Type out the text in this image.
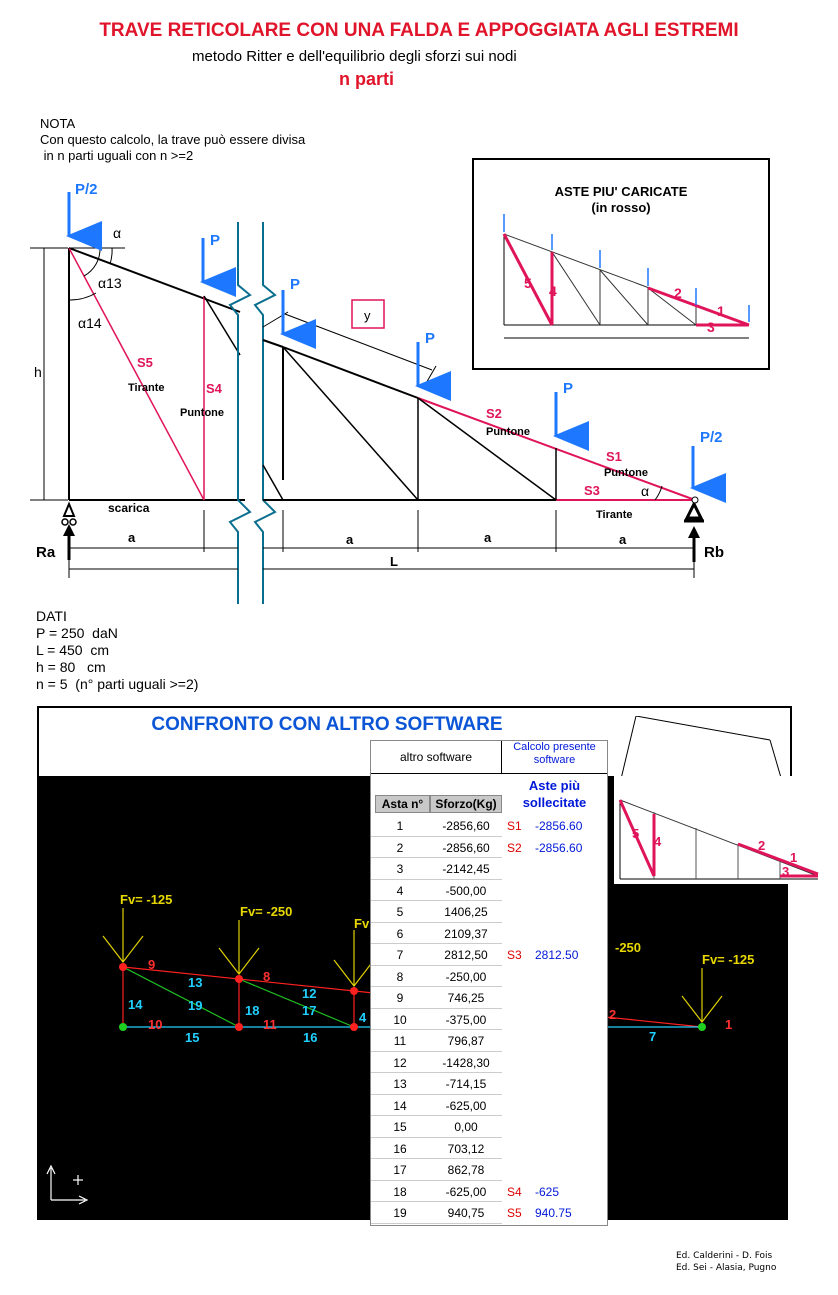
TRAVE RETICOLARE CON UNA FALDA E APPOGGIATA AGLI ESTREMI
metodo Ritter e dell'equilibrio degli sforzi sui nodi
n parti
NOTA
Con questo calcolo, la trave può essere divisa
in n parti uguali con n >=2
h
α
α13
α14
S5
Tirante	S4
Puntone
scarica
y
S2
Puntone
S1
Puntone
S3
Tirante
α
P/2
P
P
P
P
P/2
Ra	Rb
a	a	a	a
L
ASTE PIU' CARICATE
(in rosso)
5 4	2
1
3
DATI
P = 250  daN
L = 450  cm
h = 80   cm
n = 5  (n° parti uguali >=2)
CONFRONTO CON ALTRO SOFTWARE
Fv= -125
Fv= -250
Fv
-250
Fv= -125
9
8
13
12
14	19	18	17	4
10	11
15	16
2
7
1
5
4	2
1
3
altro software
Calcolo presente software
Aste più sollecitate
Asta n°	Sforzo(Kg)
1	-2856,60	S1 -2856.60
2	-2856,60	S2 -2856.60
3	-2142,45
4	-500,00
5	1406,25
6	2109,37
7	2812,50	S3 2812.50
8	-250,00
9	746,25
10	-375,00
11	796,87
12	-1428,30
13	-714,15
14	-625,00
15	0,00
16	703,12
17	862,78
18	-625,00	S4 -625
19	940,75	S5 940.75
Ed. Calderini - D. Fois
Ed. Sei - Alasia, Pugno
